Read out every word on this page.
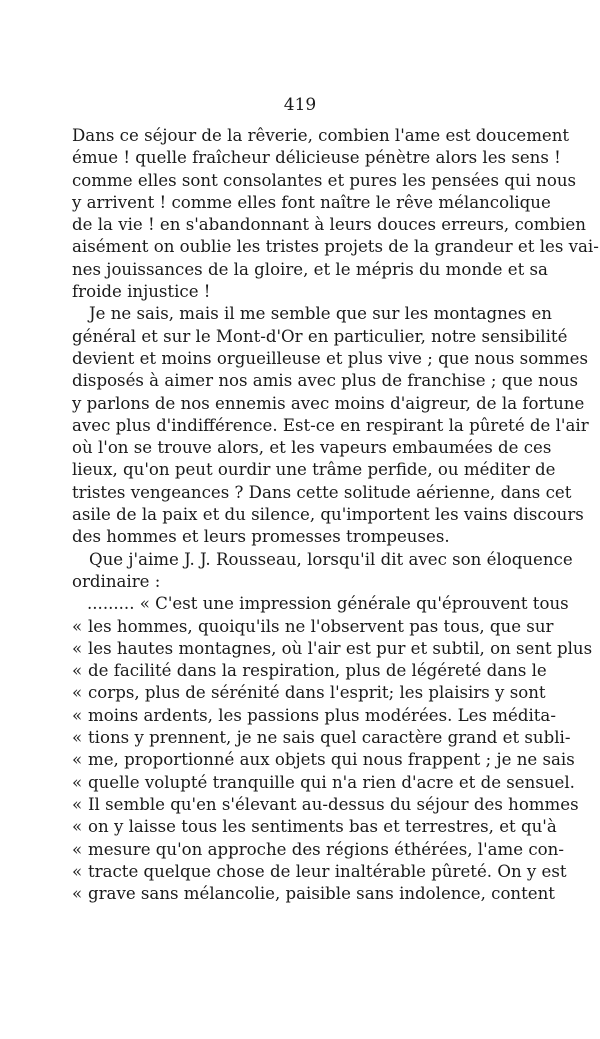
419
Dans ce séjour de la rêverie, combien l'ame est doucement
émue ! quelle fraîcheur délicieuse pénètre alors les sens !
comme elles sont consolantes et pures les pensées qui nous
y arrivent ! comme elles font naître le rêve mélancolique
de la vie ! en s'abandonnant à leurs douces erreurs, combien
aisément on oublie les tristes projets de la grandeur et les vai-
nes jouissances de la gloire, et le mépris du monde et sa
froide injustice !
Je ne sais, mais il me semble que sur les montagnes en
général et sur le Mont-d'Or en particulier, notre sensibilité
devient et moins orgueilleuse et plus vive ; que nous sommes
disposés à aimer nos amis avec plus de franchise ; que nous
y parlons de nos ennemis avec moins d'aigreur, de la fortune
avec plus d'indifférence. Est-ce en respirant la pûreté de l'air
où l'on se trouve alors, et les vapeurs embaumées de ces
lieux, qu'on peut ourdir une trâme perfide, ou méditer de
tristes vengeances ? Dans cette solitude aérienne, dans cet
asile de la paix et du silence, qu'importent les vains discours
des hommes et leurs promesses trompeuses.
Que j'aime J. J. Rousseau, lorsqu'il dit avec son éloquence
ordinaire :
......... « C'est une impression générale qu'éprouvent tous
« les hommes, quoiqu'ils ne l'observent pas tous, que sur
« les hautes montagnes, où l'air est pur et subtil, on sent plus
« de facilité dans la respiration, plus de légéreté dans le
« corps, plus de sérénité dans l'esprit; les plaisirs y sont
« moins ardents, les passions plus modérées. Les médita-
« tions y prennent, je ne sais quel caractère grand et subli-
« me, proportionné aux objets qui nous frappent ; je ne sais
« quelle volupté tranquille qui n'a rien d'acre et de sensuel.
« Il semble qu'en s'élevant au-dessus du séjour des hommes
« on y laisse tous les sentiments bas et terrestres, et qu'à
« mesure qu'on approche des régions éthérées, l'ame con-
« tracte quelque chose de leur inaltérable pûreté. On y est
« grave sans mélancolie, paisible sans indolence, content
